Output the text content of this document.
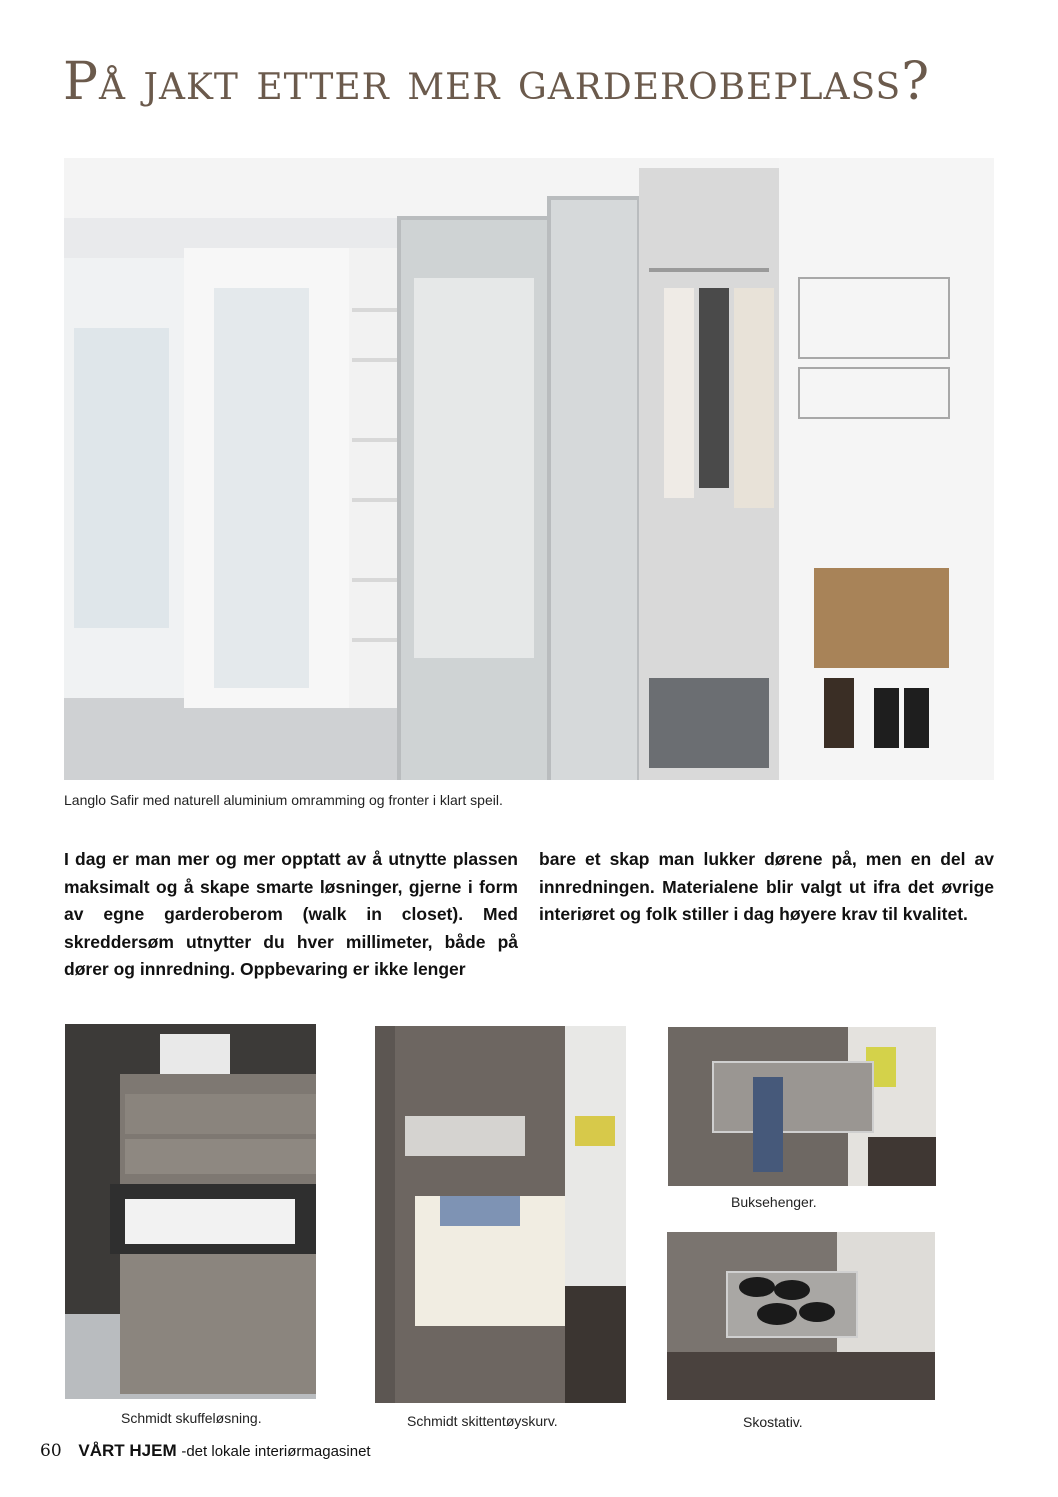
På jakt etter mer garderobeplass?
Langlo Safir med naturell aluminium omramming og fronter i klart speil.

I dag er man mer og mer opptatt av å utnytte plassen maksimalt og å skape smarte løsninger, gjerne i form av egne garderoberom (walk in closet). Med skreddersøm utnytter du hver millimeter, både på dører og innredning. Oppbevaring er ikke lenger

bare et skap man lukker dørene på, men en del av innredningen. Materialene blir valgt ut ifra det øvrige interiøret og folk stiller i dag høyere krav til kvalitet.

Schmidt skuffeløsning.	Schmidt skittentøyskurv.
Buksehenger.
Skostativ.
60 VÅRT HJEM -det lokale interiørmagasinet
